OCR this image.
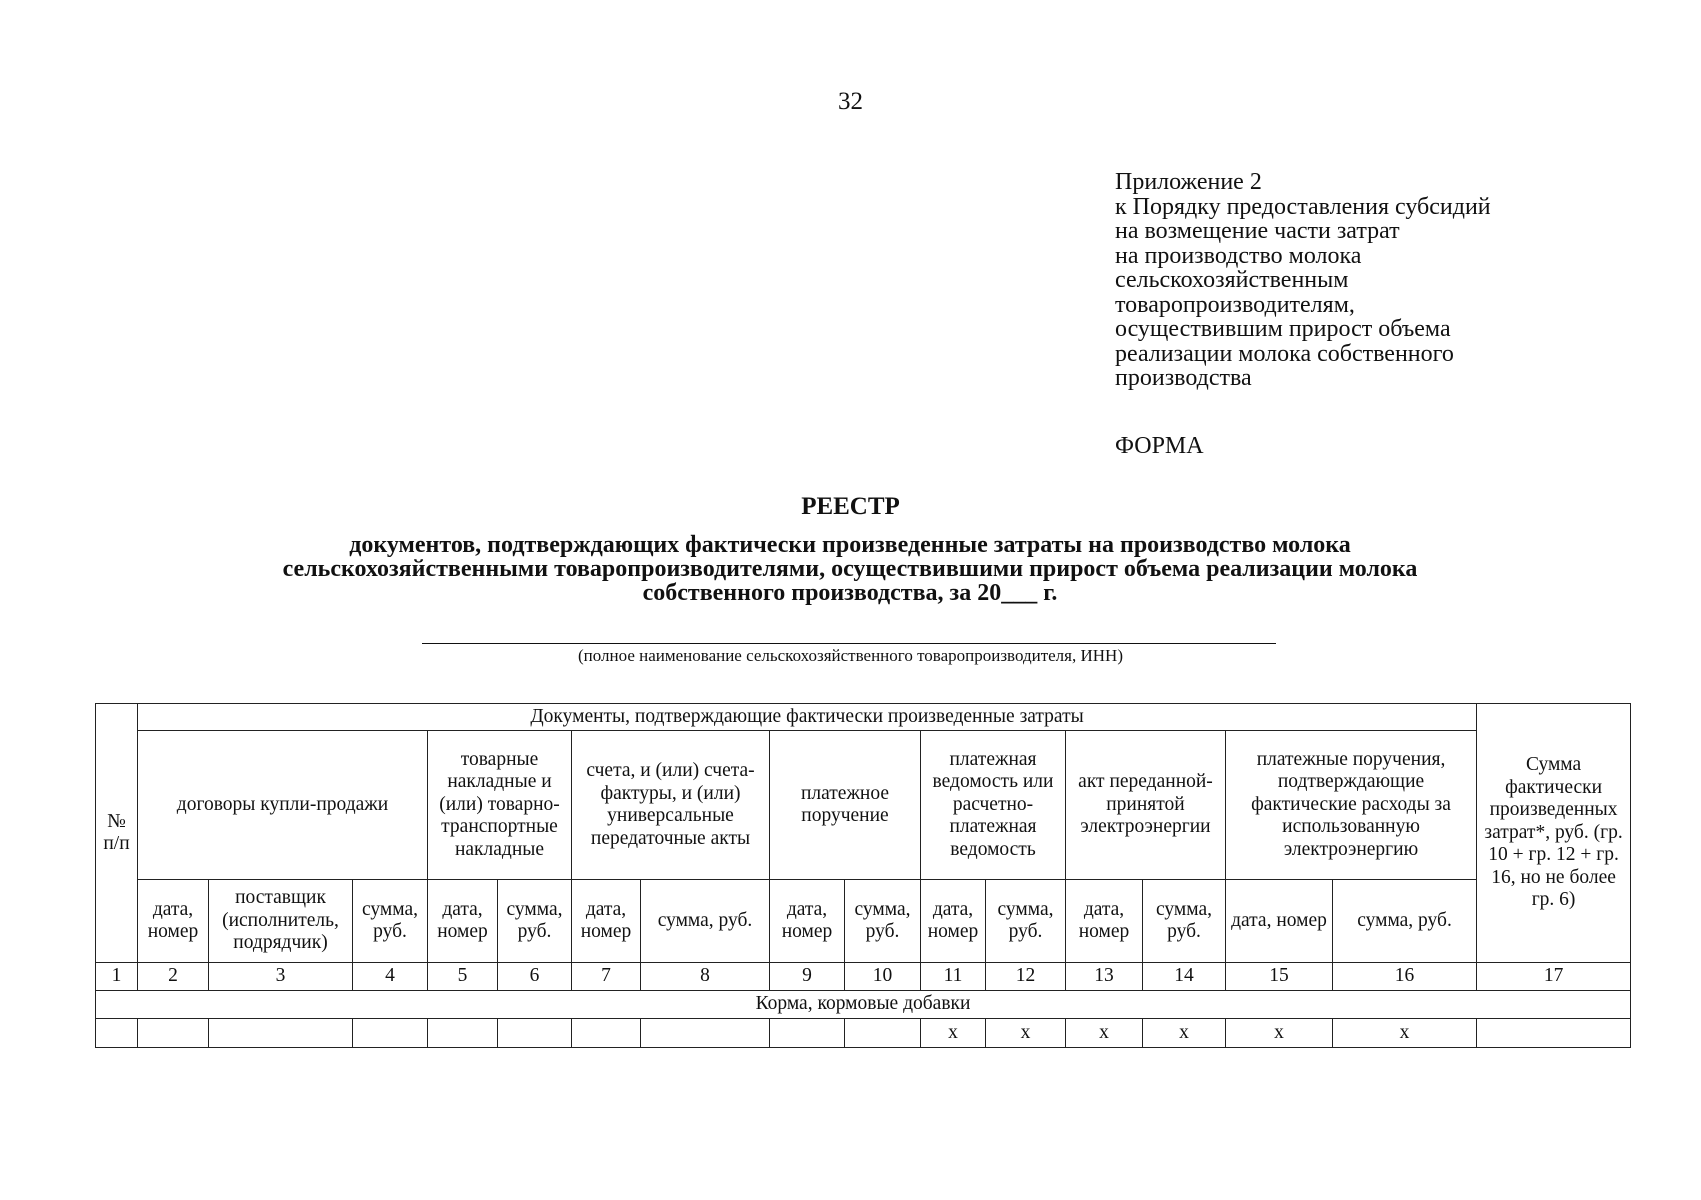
32
Приложение 2
к Порядку предоставления субсидий
на возмещение части затрат
на производство молока
сельскохозяйственным
товаропроизводителям,
осуществившим прирост объема
реализации молока собственного
производства
ФОРМА
РЕЕСТР
документов, подтверждающих фактически произведенные затраты на производство молока
сельскохозяйственными товаропроизводителями, осуществившими прирост объема реализации молока
собственного производства, за 20___ г.
(полное наименование сельскохозяйственного товаропроизводителя, ИНН)
№ п/п	Документы, подтверждающие фактически произведенные затраты															Сумма фактически произведенных затрат*, руб. (гр. 10 + гр. 12 + гр. 16, но не более гр. 6)
	договоры купли-продажи			товарные накладные и (или) товарно-транспортные накладные		счета, и (или) счета-фактуры, и (или) универсальные передаточные акты		платежное поручение		платежная ведомость или расчетно-платежная ведомость		акт переданной-принятой электроэнергии		платежные поручения, подтверждающие фактические расходы за использованную электроэнергию		
	дата, номер	поставщик (исполнитель, подрядчик)	сумма, руб.	дата, номер	сумма, руб.	дата, номер	сумма, руб.	дата, номер	сумма, руб.	дата, номер	сумма, руб.	дата, номер	сумма, руб.	дата, номер	сумма, руб.	
1	2	3	4	5	6	7	8	9	10	11	12	13	14	15	16	17
Корма, кормовые добавки																
										x	x	x	x	x	x	
